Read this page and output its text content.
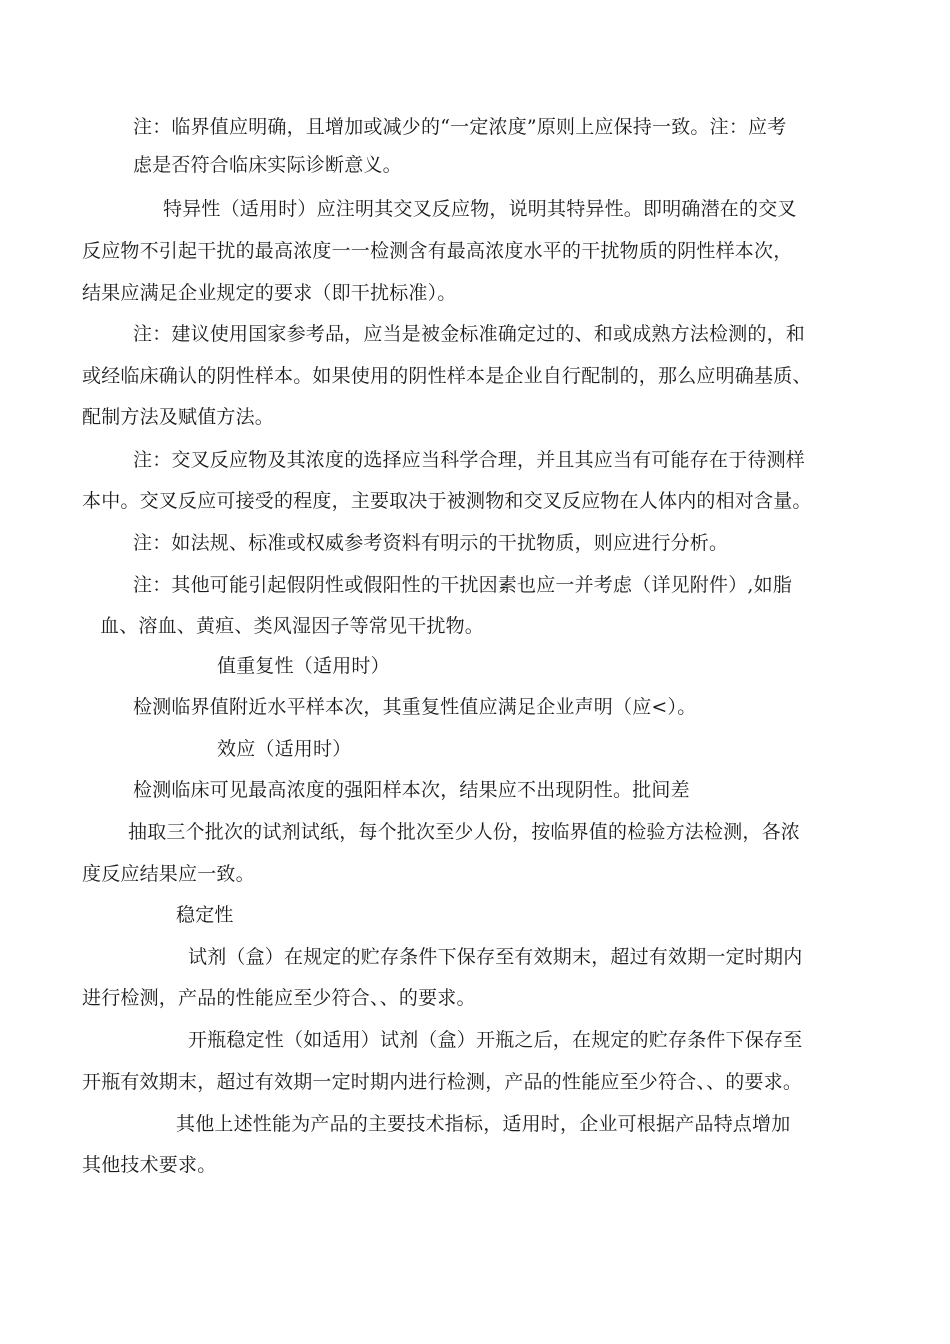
注：临界值应明确，且增加或减少的“一定浓度”原则上应保持一致。注：应考
虑是否符合临床实际诊断意义。
特异性（适用时）应注明其交叉反应物，说明其特异性。即明确潜在的交叉
反应物不引起干扰的最高浓度一一检测含有最高浓度水平的干扰物质的阴性样本次，
结果应满足企业规定的要求（即干扰标准）。
注：建议使用国家参考品，应当是被金标准确定过的、和或成熟方法检测的，和
或经临床确认的阴性样本。如果使用的阴性样本是企业自行配制的，那么应明确基质、
配制方法及赋值方法。
注：交叉反应物及其浓度的选择应当科学合理，并且其应当有可能存在于待测样
本中。交叉反应可接受的程度，主要取决于被测物和交叉反应物在人体内的相对含量。
注：如法规、标准或权威参考资料有明示的干扰物质，则应进行分析。
注：其他可能引起假阴性或假阳性的干扰因素也应一并考虑（详见附件）,如脂
血、溶血、黄疸、类风湿因子等常见干扰物。
值重复性（适用时）
检测临界值附近水平样本次，其重复性值应满足企业声明（应<）。
效应（适用时）
检测临床可见最高浓度的强阳样本次，结果应不出现阴性。批间差
抽取三个批次的试剂试纸，每个批次至少人份，按临界值的检验方法检测，各浓
度反应结果应一致。
稳定性
试剂（盒）在规定的贮存条件下保存至有效期末，超过有效期一定时期内
进行检测，产品的性能应至少符合、、的要求。
开瓶稳定性（如适用）试剂（盒）开瓶之后，在规定的贮存条件下保存至
开瓶有效期末，超过有效期一定时期内进行检测，产品的性能应至少符合、、的要求。
其他上述性能为产品的主要技术指标，适用时，企业可根据产品特点增加
其他技术要求。
